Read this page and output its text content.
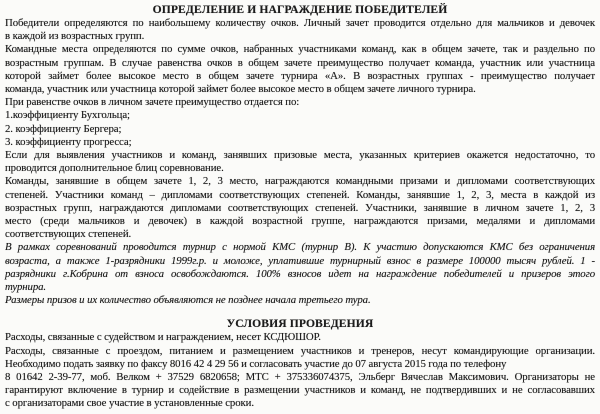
ОПРЕДЕЛЕНИЕ И НАГРАЖДЕНИЕ ПОБЕДИТЕЛЕЙ
Победители определяются по наибольшему количеству очков. Личный зачет проводится отдельно для мальчиков и девочек
в каждой из возрастных групп.
Командные места определяются по сумме очков, набранных участниками команд, как в общем зачете, так и раздельно по
возрастным группам. В случае равенства очков в общем зачете преимущество получает команда, участник или участница
которой займет более высокое место в общем зачете турнира «А». В возрастных группах - преимущество получает
команда, участник или участница которой займет более высокое место в общем зачете личного турнира.
При равенстве очков в личном зачете преимущество отдается по:
1.коэффициенту Бухгольца;
2. коэффициенту Бергера;
3. коэффициенту прогресса;
Если для выявления участников и команд, занявших призовые места, указанных критериев окажется недостаточно, то
проводится дополнительное блиц соревнование.
Команды, занявшие в общем зачете 1, 2, 3 место, награждаются командными призами и дипломами соответствующих
степеней. Участники команд – дипломами соответствующих степеней. Команды, занявшие 1, 2, 3, места в каждой из
возрастных групп, награждаются дипломами соответствующих степеней. Участники, занявшие в личном зачете 1, 2, 3
место (среди мальчиков и девочек) в каждой возрастной группе, награждаются призами, медалями и дипломами
соответствующих степеней.
В рамках соревнований проводится турнир с нормой КМС (турнир В). К участию допускаются КМС без ограничения
возраста, а также 1-разрядники 1999г.р. и моложе, уплатившие турнирный взнос в размере 100000 тысяч рублей. 1 -
разрядники г.Кобрина от взноса освобождаются. 100% взносов идет на награждение победителей и призеров этого
турнира.
Размеры призов и их количество объявляются не позднее начала третьего тура.
УСЛОВИЯ ПРОВЕДЕНИЯ
Расходы, связанные с судейством и награждением, несет КСДЮШОР.
Расходы, связанные с проездом, питанием и размещением участников и тренеров, несут командирующие организации.
Необходимо подать заявку по факсу 8016 42 4 29 56 и согласовать участие до 07 августа 2015 года по телефону
8 01642 2-39-77, моб. Велком + 37529 6820658; МТС + 375336074375, Эльберг Вячеслав Максимович. Организаторы не
гарантируют включение в турнир и содействие в размещении участников и команд, не подтвердивших и не согласовавших
с организаторами свое участие в установленные сроки.
